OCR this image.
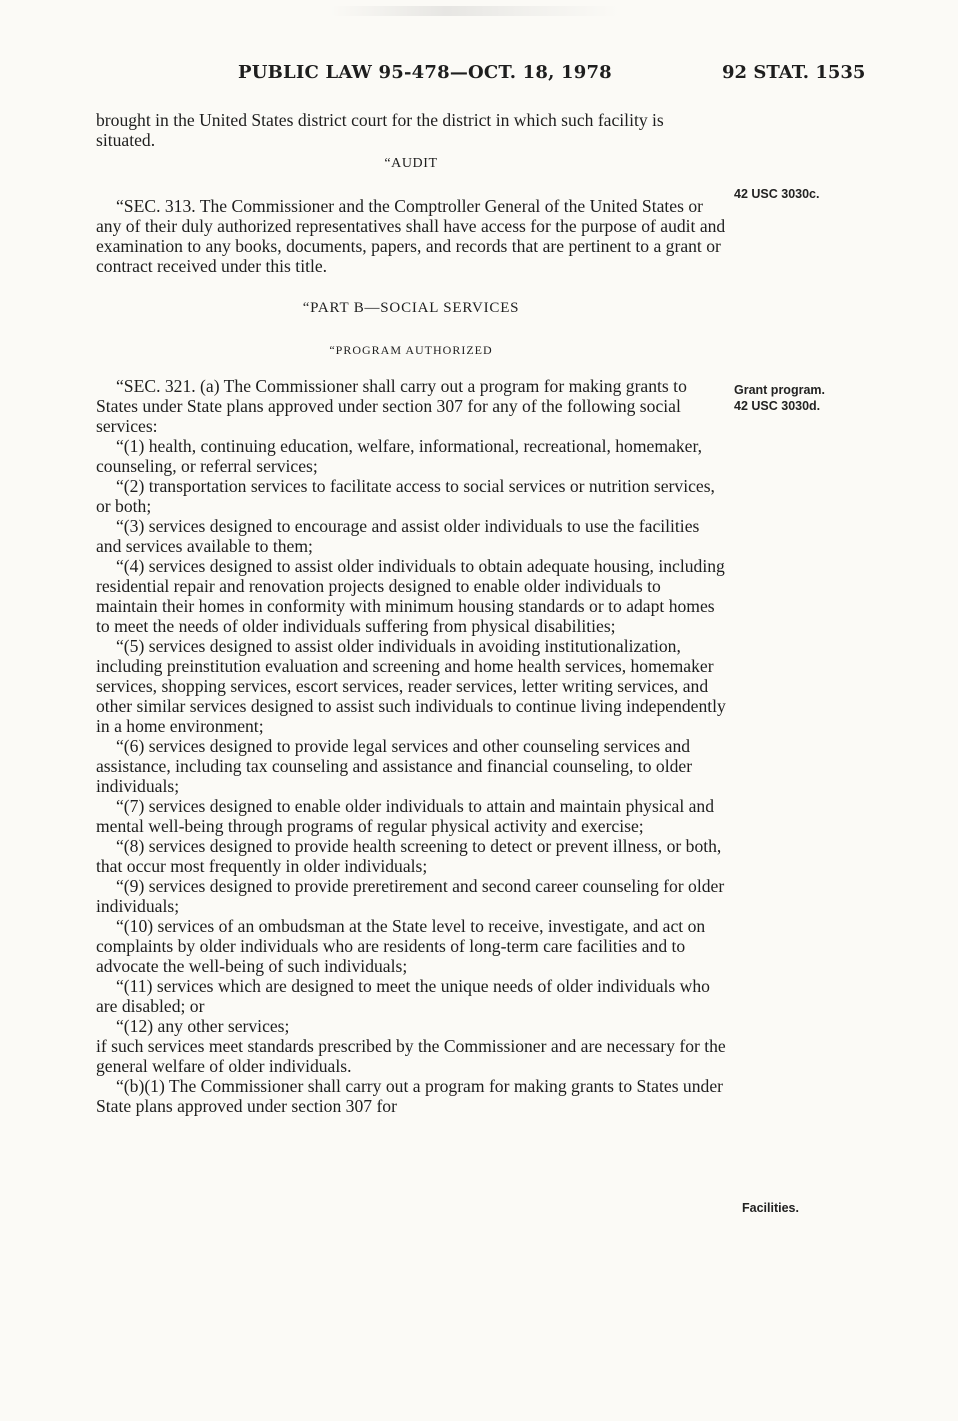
PUBLIC LAW 95-478—OCT. 18, 1978	92 STAT. 1535

brought in the United States district court for the district in which such facility is situated.

“AUDIT

“SEC. 313. The Commissioner and the Comptroller General of the United States or any of their duly authorized representatives shall have access for the purpose of audit and examination to any books, documents, papers, and records that are pertinent to a grant or contract received under this title.

“PART B—SOCIAL SERVICES
“PROGRAM AUTHORIZED

“SEC. 321. (a) The Commissioner shall carry out a program for making grants to States under State plans approved under section 307 for any of the following social services:

“(1) health, continuing education, welfare, informational, recreational, homemaker, counseling, or referral services;

“(2) transportation services to facilitate access to social services or nutrition services, or both;

“(3) services designed to encourage and assist older individuals to use the facilities and services available to them;

“(4) services designed to assist older individuals to obtain adequate housing, including residential repair and renovation projects designed to enable older individuals to maintain their homes in conformity with minimum housing standards or to adapt homes to meet the needs of older individuals suffering from physical disabilities;

“(5) services designed to assist older individuals in avoiding institutionalization, including preinstitution evaluation and screening and home health services, homemaker services, shopping services, escort services, reader services, letter writing services, and other similar services designed to assist such individuals to continue living independently in a home environment;

“(6) services designed to provide legal services and other counseling services and assistance, including tax counseling and assistance and financial counseling, to older individuals;

“(7) services designed to enable older individuals to attain and maintain physical and mental well-being through programs of regular physical activity and exercise;

“(8) services designed to provide health screening to detect or prevent illness, or both, that occur most frequently in older individuals;

“(9) services designed to provide preretirement and second career counseling for older individuals;

“(10) services of an ombudsman at the State level to receive, investigate, and act on complaints by older individuals who are residents of long-term care facilities and to advocate the well-being of such individuals;

“(11) services which are designed to meet the unique needs of older individuals who are disabled; or

“(12) any other services;

if such services meet standards prescribed by the Commissioner and are necessary for the general welfare of older individuals.

“(b)(1) The Commissioner shall carry out a program for making grants to States under State plans approved under section 307 for

42 USC 3030c.
Grant program.
42 USC 3030d.
Facilities.
